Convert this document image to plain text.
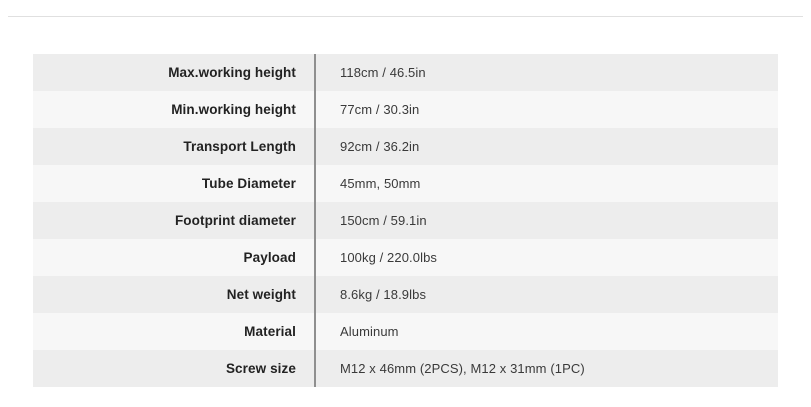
Max.working height	118cm / 46.5in
Min.working height	77cm / 30.3in
Transport Length	92cm / 36.2in
Tube Diameter	45mm, 50mm
Footprint diameter	150cm / 59.1in
Payload	100kg / 220.0lbs
Net weight	8.6kg / 18.9lbs
Material	Aluminum
Screw size	M12 x 46mm (2PCS), M12 x 31mm (1PC)
